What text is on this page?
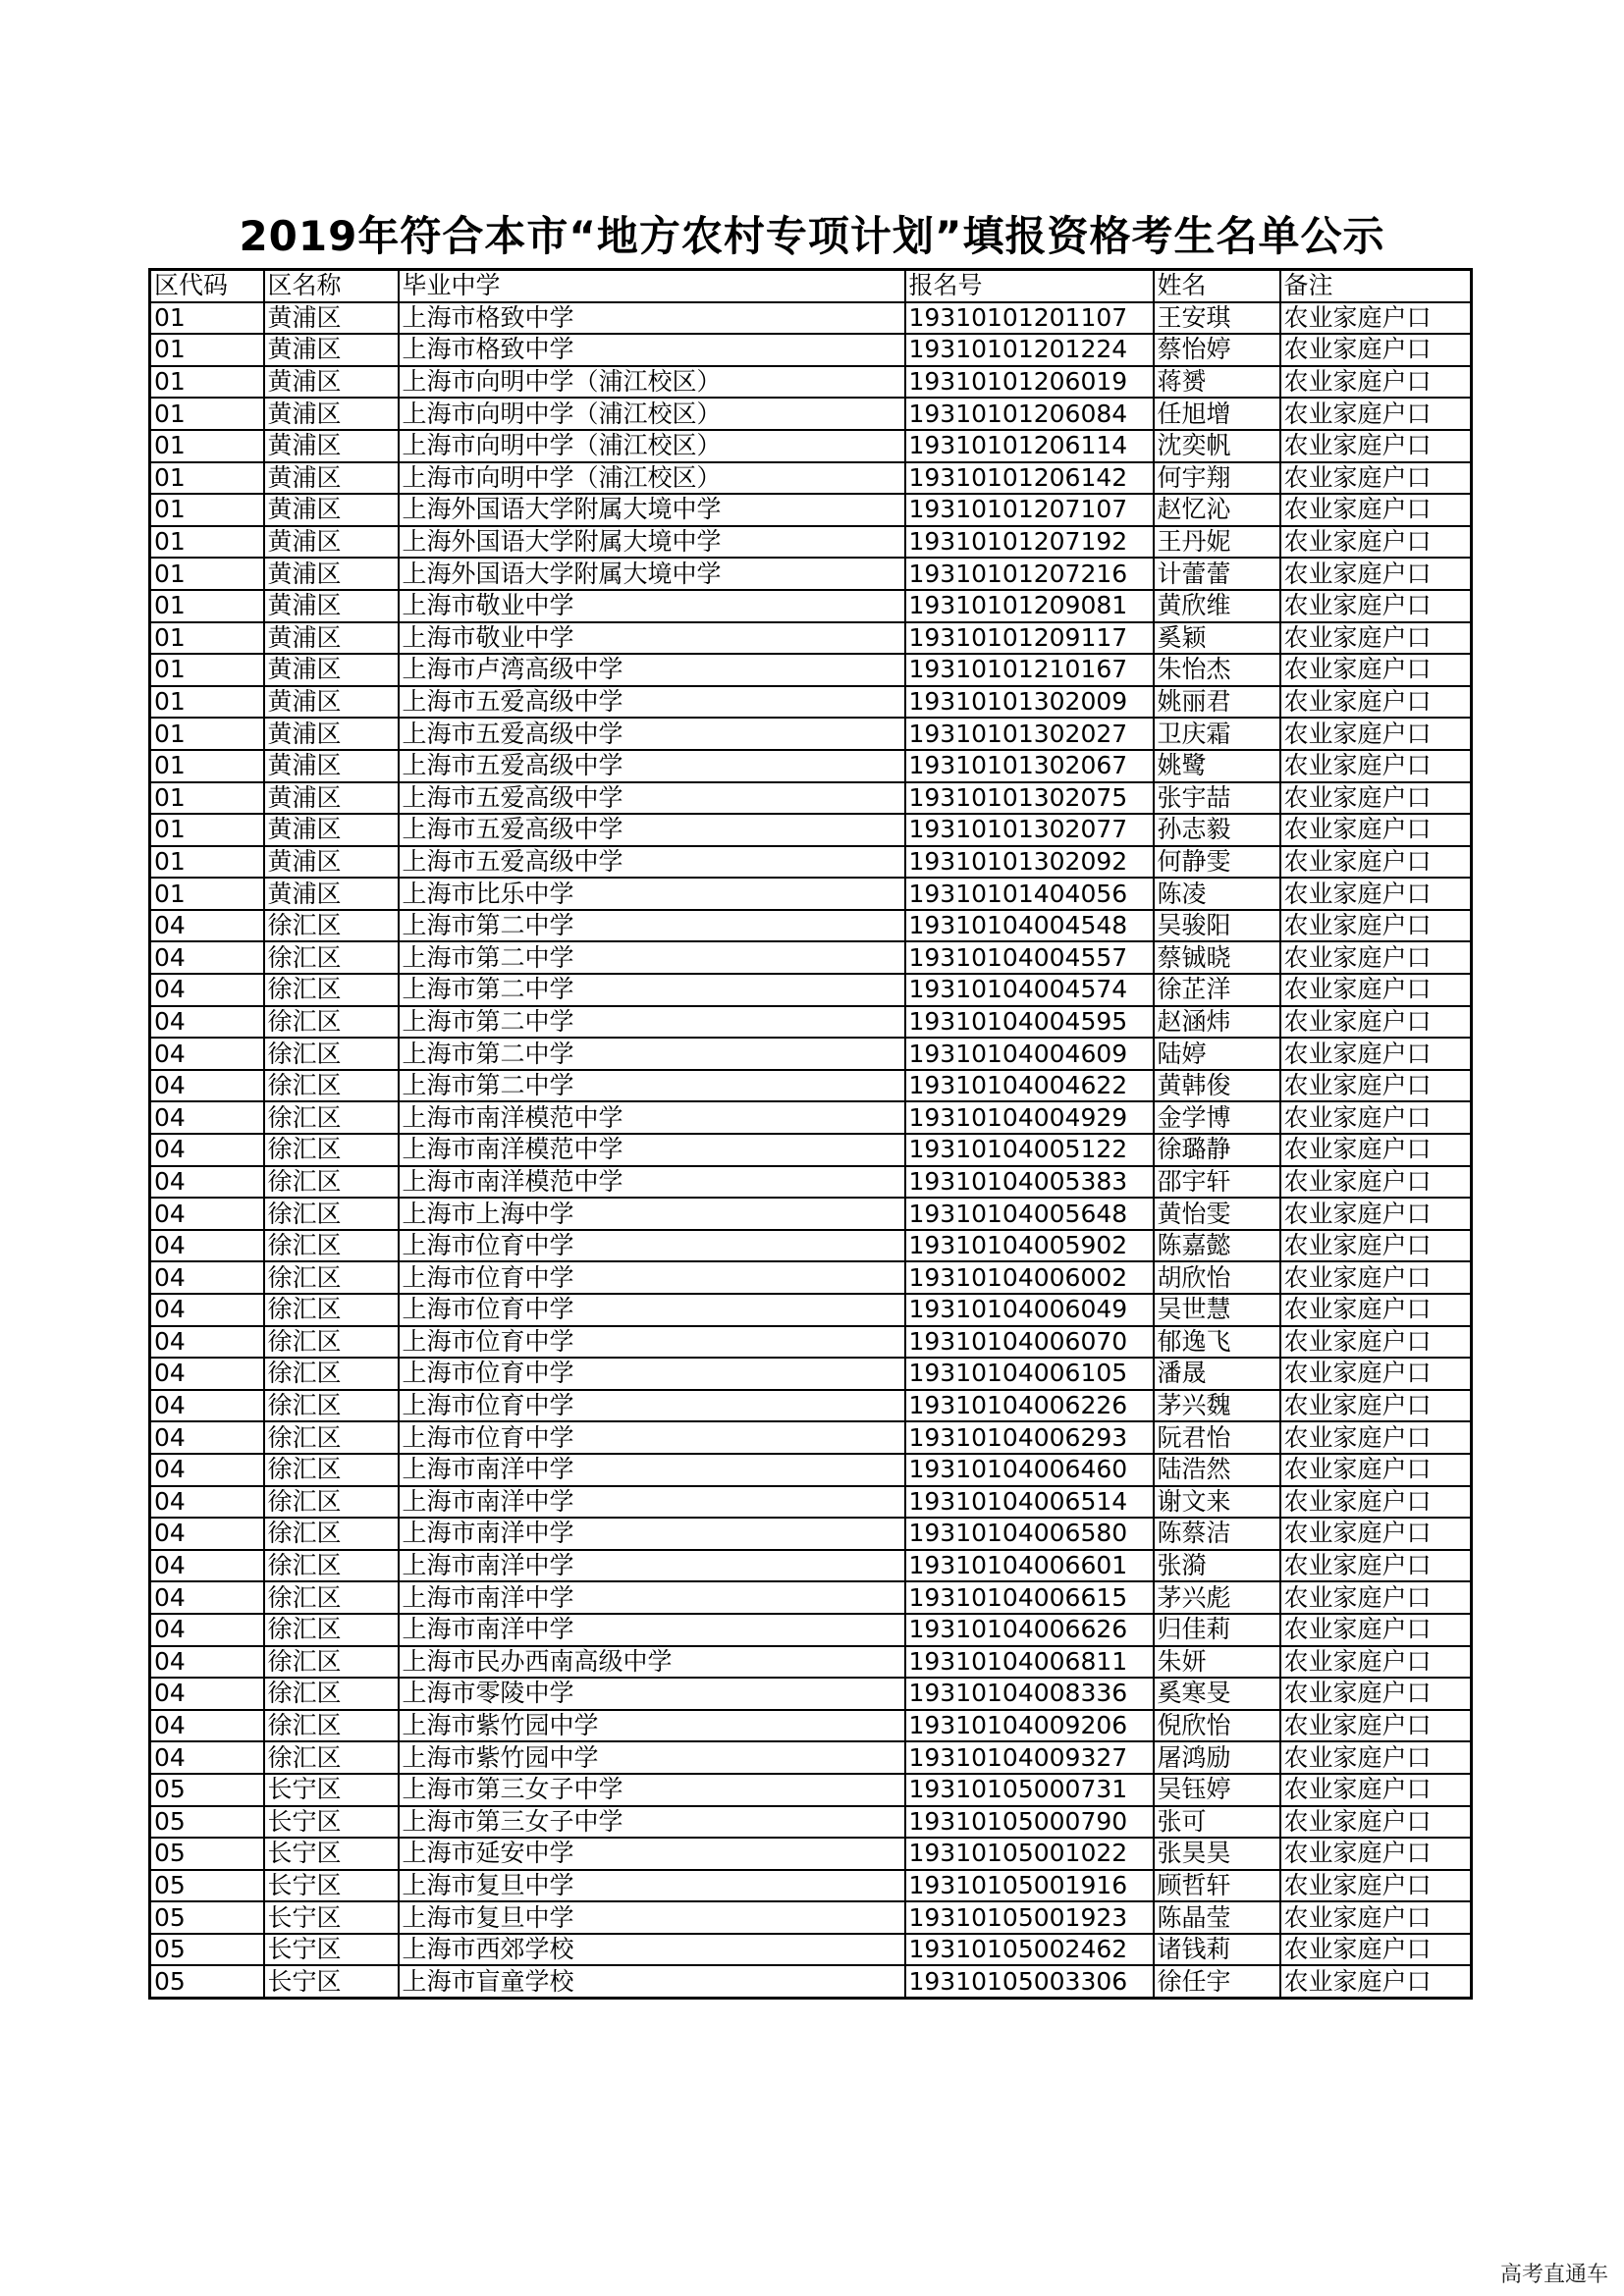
2019年符合本市“地方农村专项计划”填报资格考生名单公示
区代码	区名称	毕业中学	报名号	姓名	备注
01	黄浦区	上海市格致中学	19310101201107	王安琪	农业家庭户口
01	黄浦区	上海市格致中学	19310101201224	蔡怡婷	农业家庭户口
01	黄浦区	上海市向明中学（浦江校区）	19310101206019	蒋赟	农业家庭户口
01	黄浦区	上海市向明中学（浦江校区）	19310101206084	任旭增	农业家庭户口
01	黄浦区	上海市向明中学（浦江校区）	19310101206114	沈奕帆	农业家庭户口
01	黄浦区	上海市向明中学（浦江校区）	19310101206142	何宇翔	农业家庭户口
01	黄浦区	上海外国语大学附属大境中学	19310101207107	赵忆沁	农业家庭户口
01	黄浦区	上海外国语大学附属大境中学	19310101207192	王丹妮	农业家庭户口
01	黄浦区	上海外国语大学附属大境中学	19310101207216	计蕾蕾	农业家庭户口
01	黄浦区	上海市敬业中学	19310101209081	黄欣维	农业家庭户口
01	黄浦区	上海市敬业中学	19310101209117	奚颖	农业家庭户口
01	黄浦区	上海市卢湾高级中学	19310101210167	朱怡杰	农业家庭户口
01	黄浦区	上海市五爱高级中学	19310101302009	姚丽君	农业家庭户口
01	黄浦区	上海市五爱高级中学	19310101302027	卫庆霜	农业家庭户口
01	黄浦区	上海市五爱高级中学	19310101302067	姚鹭	农业家庭户口
01	黄浦区	上海市五爱高级中学	19310101302075	张宇喆	农业家庭户口
01	黄浦区	上海市五爱高级中学	19310101302077	孙志毅	农业家庭户口
01	黄浦区	上海市五爱高级中学	19310101302092	何静雯	农业家庭户口
01	黄浦区	上海市比乐中学	19310101404056	陈凌	农业家庭户口
04	徐汇区	上海市第二中学	19310104004548	吴骏阳	农业家庭户口
04	徐汇区	上海市第二中学	19310104004557	蔡铖晓	农业家庭户口
04	徐汇区	上海市第二中学	19310104004574	徐芷洋	农业家庭户口
04	徐汇区	上海市第二中学	19310104004595	赵涵炜	农业家庭户口
04	徐汇区	上海市第二中学	19310104004609	陆婷	农业家庭户口
04	徐汇区	上海市第二中学	19310104004622	黄韩俊	农业家庭户口
04	徐汇区	上海市南洋模范中学	19310104004929	金学博	农业家庭户口
04	徐汇区	上海市南洋模范中学	19310104005122	徐璐静	农业家庭户口
04	徐汇区	上海市南洋模范中学	19310104005383	邵宇轩	农业家庭户口
04	徐汇区	上海市上海中学	19310104005648	黄怡雯	农业家庭户口
04	徐汇区	上海市位育中学	19310104005902	陈嘉懿	农业家庭户口
04	徐汇区	上海市位育中学	19310104006002	胡欣怡	农业家庭户口
04	徐汇区	上海市位育中学	19310104006049	吴世慧	农业家庭户口
04	徐汇区	上海市位育中学	19310104006070	郁逸飞	农业家庭户口
04	徐汇区	上海市位育中学	19310104006105	潘晟	农业家庭户口
04	徐汇区	上海市位育中学	19310104006226	茅兴魏	农业家庭户口
04	徐汇区	上海市位育中学	19310104006293	阮君怡	农业家庭户口
04	徐汇区	上海市南洋中学	19310104006460	陆浩然	农业家庭户口
04	徐汇区	上海市南洋中学	19310104006514	谢文来	农业家庭户口
04	徐汇区	上海市南洋中学	19310104006580	陈蔡洁	农业家庭户口
04	徐汇区	上海市南洋中学	19310104006601	张漪	农业家庭户口
04	徐汇区	上海市南洋中学	19310104006615	茅兴彪	农业家庭户口
04	徐汇区	上海市南洋中学	19310104006626	归佳莉	农业家庭户口
04	徐汇区	上海市民办西南高级中学	19310104006811	朱妍	农业家庭户口
04	徐汇区	上海市零陵中学	19310104008336	奚寒旻	农业家庭户口
04	徐汇区	上海市紫竹园中学	19310104009206	倪欣怡	农业家庭户口
04	徐汇区	上海市紫竹园中学	19310104009327	屠鸿励	农业家庭户口
05	长宁区	上海市第三女子中学	19310105000731	吴钰婷	农业家庭户口
05	长宁区	上海市第三女子中学	19310105000790	张可	农业家庭户口
05	长宁区	上海市延安中学	19310105001022	张昊昊	农业家庭户口
05	长宁区	上海市复旦中学	19310105001916	顾哲轩	农业家庭户口
05	长宁区	上海市复旦中学	19310105001923	陈晶莹	农业家庭户口
05	长宁区	上海市西郊学校	19310105002462	诸钱莉	农业家庭户口
05	长宁区	上海市盲童学校	19310105003306	徐任宇	农业家庭户口
高考直通车
